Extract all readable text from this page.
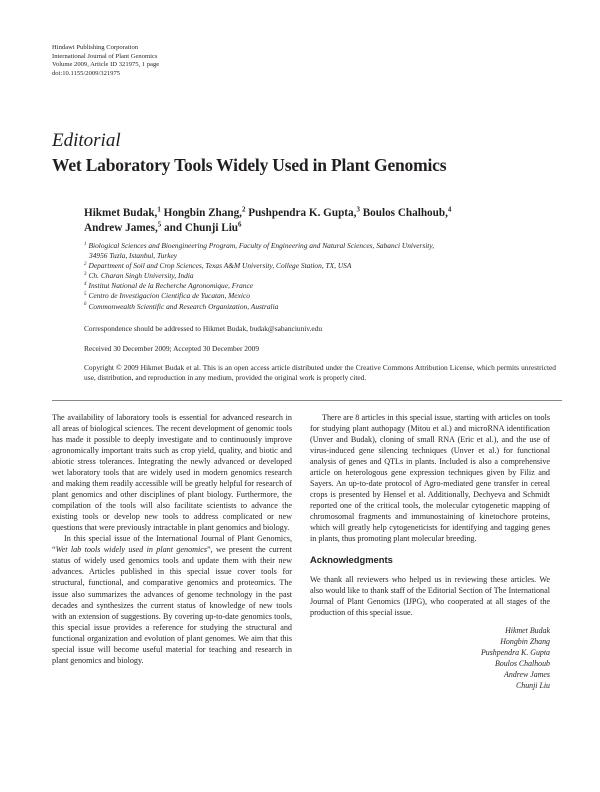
Hindawi Publishing Corporation
International Journal of Plant Genomics
Volume 2009, Article ID 321975, 1 page
doi:10.1155/2009/321975
Editorial
Wet Laboratory Tools Widely Used in Plant Genomics
Hikmet Budak,$^1$ Hongbin Zhang,$^2$ Pushpendra K. Gupta,$^3$ Boulos Chalhoub,$^4$
Andrew James,$^5$ and Chunji Liu$^6$
$^1$ Biological Sciences and Bioengineering Program, Faculty of Engineering and Natural Sciences, Sabanci University,
34956 Tuzla, Istanbul, Turkey
$^2$ Department of Soil and Crop Sciences, Texas A&M University, College Station, TX, USA
$^3$ Ch. Charan Singh University, India
$^4$ Institut National de la Recherche Agronomique, France
$^5$ Centro de Investigacion Cientifica de Yucatan, Mexico
$^6$ Commonwealth Scientific and Research Organization, Australia
Correspondence should be addressed to Hikmet Budak, budak@sabanciuniv.edu
Received 30 December 2009; Accepted 30 December 2009
Copyright © 2009 Hikmet Budak et al. This is an open access article distributed under the Creative Commons Attribution License, which permits unrestricted use, distribution, and reproduction in any medium, provided the original work is properly cited.

The availability of laboratory tools is essential for advanced research in all areas of biological sciences. The recent development of genomic tools has made it possible to deeply investigate and to continuously improve agronomically important traits such as crop yield, quality, and biotic and abiotic stress tolerances. Integrating the newly advanced or developed wet laboratory tools that are widely used in modern genomics research and making them readily accessible will be greatly helpful for research of plant genomics and other disciplines of plant biology. Furthermore, the compilation of the tools will also facilitate scientists to advance the existing tools or develop new tools to address complicated or new questions that were previously intractable in plant genomics and biology.

In this special issue of the International Journal of Plant Genomics, “Wet lab tools widely used in plant genomics”, we present the current status of widely used genomics tools and update them with their new advances. Articles published in this special issue cover tools for structural, functional, and comparative genomics and proteomics. The issue also summarizes the advances of genome technology in the past decades and synthesizes the current status of knowledge of new tools with an extension of suggestions. By covering up-to-date genomics tools, this special issue provides a reference for studying the structural and functional organization and evolution of plant genomes. We aim that this special issue will become useful material for teaching and research in plant genomics and biology.

There are 8 articles in this special issue, starting with articles on tools for studying plant authopagy (Mitou et al.) and microRNA identification (Unver and Budak), cloning of small RNA (Eric et al.), and the use of virus-induced gene silencing techniques (Unver et al.) for functional analysis of genes and QTLs in plants. Included is also a comprehensive article on heterologous gene expression techniques given by Filiz and Sayers. An up-to-date protocol of Agro-mediated gene transfer in cereal crops is presented by Hensel et al. Additionally, Dechyeva and Schmidt reported one of the critical tools, the molecular cytogenetic mapping of chromosomal fragments and immunostaining of kinetochore proteins, which will greatly help cytogeneticists for identifying and tagging genes in plants, thus promoting plant molecular breeding.

Acknowledgments

We thank all reviewers who helped us in reviewing these articles. We also would like to thank staff of the Editorial Section of The International Journal of Plant Genomics (IJPG), who cooperated at all stages of the production of this special issue.

Hikmet Budak
Hongbin Zhang
Pushpendra K. Gupta
Boulos Chalhoub
Andrew James
Chunji Liu
